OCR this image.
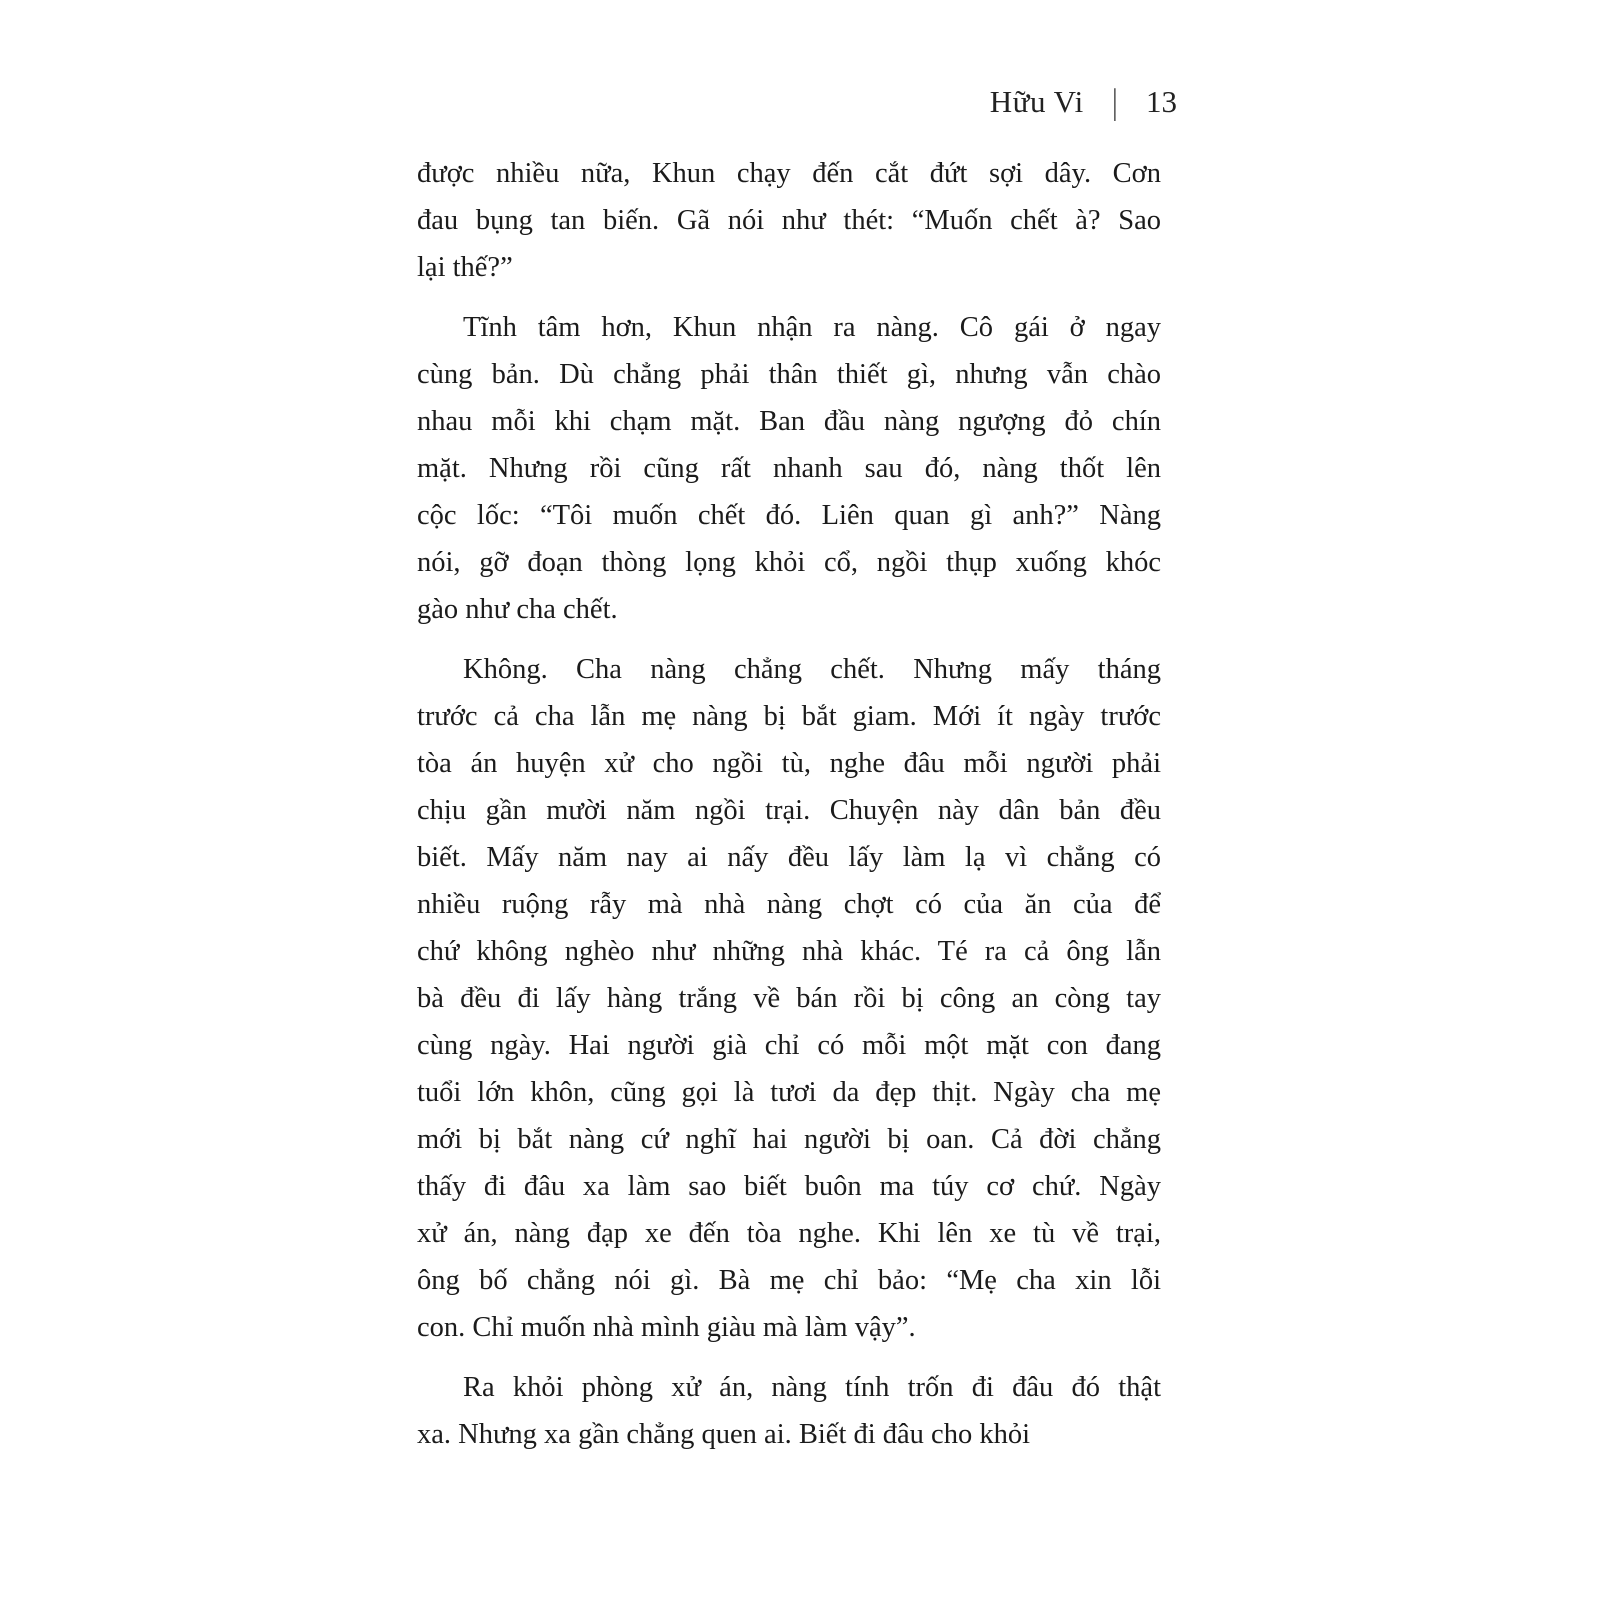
Hữu Vi | 13

được nhiều nữa, Khun chạy đến cắt đứt sợi dây. Cơn
đau bụng tan biến. Gã nói như thét: “Muốn chết à? Sao
lại thế?”

Tĩnh tâm hơn, Khun nhận ra nàng. Cô gái ở ngay
cùng bản. Dù chẳng phải thân thiết gì, nhưng vẫn chào
nhau mỗi khi chạm mặt. Ban đầu nàng ngượng đỏ chín
mặt. Nhưng rồi cũng rất nhanh sau đó, nàng thốt lên
cộc lốc: “Tôi muốn chết đó. Liên quan gì anh?” Nàng
nói, gỡ đoạn thòng lọng khỏi cổ, ngồi thụp xuống khóc
gào như cha chết.

Không. Cha nàng chẳng chết. Nhưng mấy tháng
trước cả cha lẫn mẹ nàng bị bắt giam. Mới ít ngày trước
tòa án huyện xử cho ngồi tù, nghe đâu mỗi người phải
chịu gần mười năm ngồi trại. Chuyện này dân bản đều
biết. Mấy năm nay ai nấy đều lấy làm lạ vì chẳng có
nhiều ruộng rẫy mà nhà nàng chợt có của ăn của để
chứ không nghèo như những nhà khác. Té ra cả ông lẫn
bà đều đi lấy hàng trắng về bán rồi bị công an còng tay
cùng ngày. Hai người già chỉ có mỗi một mặt con đang
tuổi lớn khôn, cũng gọi là tươi da đẹp thịt. Ngày cha mẹ
mới bị bắt nàng cứ nghĩ hai người bị oan. Cả đời chẳng
thấy đi đâu xa làm sao biết buôn ma túy cơ chứ. Ngày
xử án, nàng đạp xe đến tòa nghe. Khi lên xe tù về trại,
ông bố chẳng nói gì. Bà mẹ chỉ bảo: “Mẹ cha xin lỗi
con. Chỉ muốn nhà mình giàu mà làm vậy”.

Ra khỏi phòng xử án, nàng tính trốn đi đâu đó thật
xa. Nhưng xa gần chẳng quen ai. Biết đi đâu cho khỏi
